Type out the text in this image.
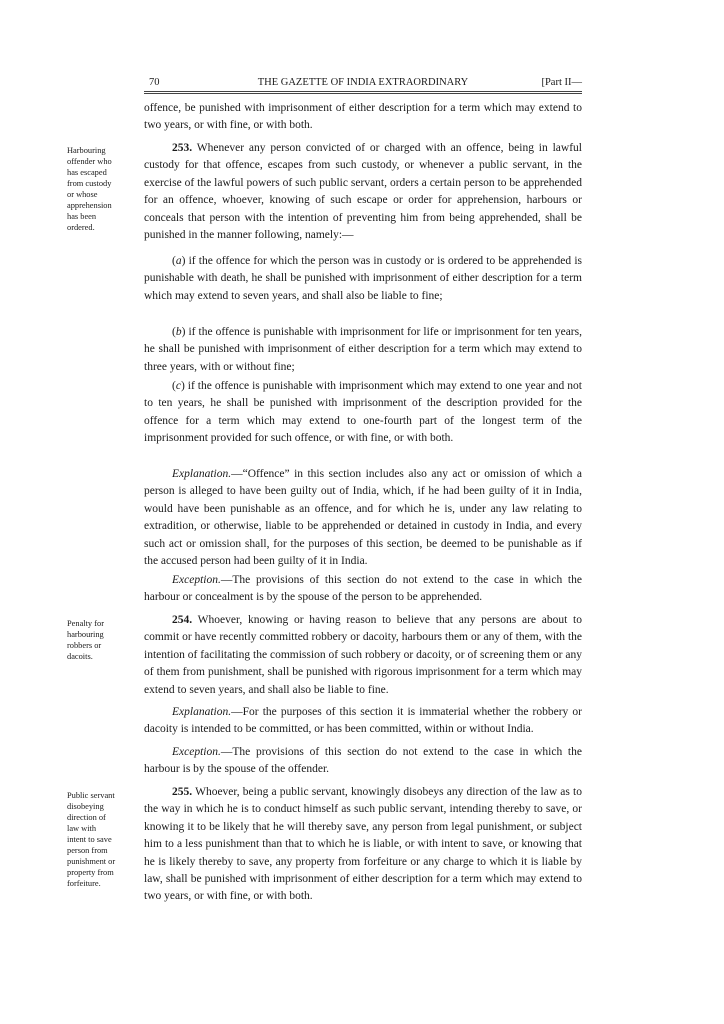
70	THE GAZETTE OF INDIA EXTRAORDINARY	[Part II—

offence, be punished with imprisonment of either description for a term which may extend to two years, or with fine, or with both.

253. Whenever any person convicted of or charged with an offence, being in lawful custody for that offence, escapes from such custody, or whenever a public servant, in the exercise of the lawful powers of such public servant, orders a certain person to be apprehended for an offence, whoever, knowing of such escape or order for apprehension, harbours or conceals that person with the intention of preventing him from being apprehended, shall be punished in the manner following, namely:—

(a) if the offence for which the person was in custody or is ordered to be apprehended is punishable with death, he shall be punished with imprisonment of either description for a term which may extend to seven years, and shall also be liable to fine;

(b) if the offence is punishable with imprisonment for life or imprisonment for ten years, he shall be punished with imprisonment of either description for a term which may extend to three years, with or without fine;

(c) if the offence is punishable with imprisonment which may extend to one year and not to ten years, he shall be punished with imprisonment of the description provided for the offence for a term which may extend to one-fourth part of the longest term of the imprisonment provided for such offence, or with fine, or with both.

Explanation.—“Offence” in this section includes also any act or omission of which a person is alleged to have been guilty out of India, which, if he had been guilty of it in India, would have been punishable as an offence, and for which he is, under any law relating to extradition, or otherwise, liable to be apprehended or detained in custody in India, and every such act or omission shall, for the purposes of this section, be deemed to be punishable as if the accused person had been guilty of it in India.

Exception.—The provisions of this section do not extend to the case in which the harbour or concealment is by the spouse of the person to be apprehended.

254. Whoever, knowing or having reason to believe that any persons are about to commit or have recently committed robbery or dacoity, harbours them or any of them, with the intention of facilitating the commission of such robbery or dacoity, or of screening them or any of them from punishment, shall be punished with rigorous imprisonment for a term which may extend to seven years, and shall also be liable to fine.

Explanation.—For the purposes of this section it is immaterial whether the robbery or dacoity is intended to be committed, or has been committed, within or without India.

Exception.—The provisions of this section do not extend to the case in which the harbour is by the spouse of the offender.

255. Whoever, being a public servant, knowingly disobeys any direction of the law as to the way in which he is to conduct himself as such public servant, intending thereby to save, or knowing it to be likely that he will thereby save, any person from legal punishment, or subject him to a less punishment than that to which he is liable, or with intent to save, or knowing that he is likely thereby to save, any property from forfeiture or any charge to which it is liable by law, shall be punished with imprisonment of either description for a term which may extend to two years, or with fine, or with both.

Harbouring
offender who
has escaped
from custody
or whose
apprehension
has been
ordered.
Penalty for
harbouring
robbers or
dacoits.
Public servant
disobeying
direction of
law with
intent to save
person from
punishment or
property from
forfeiture.
